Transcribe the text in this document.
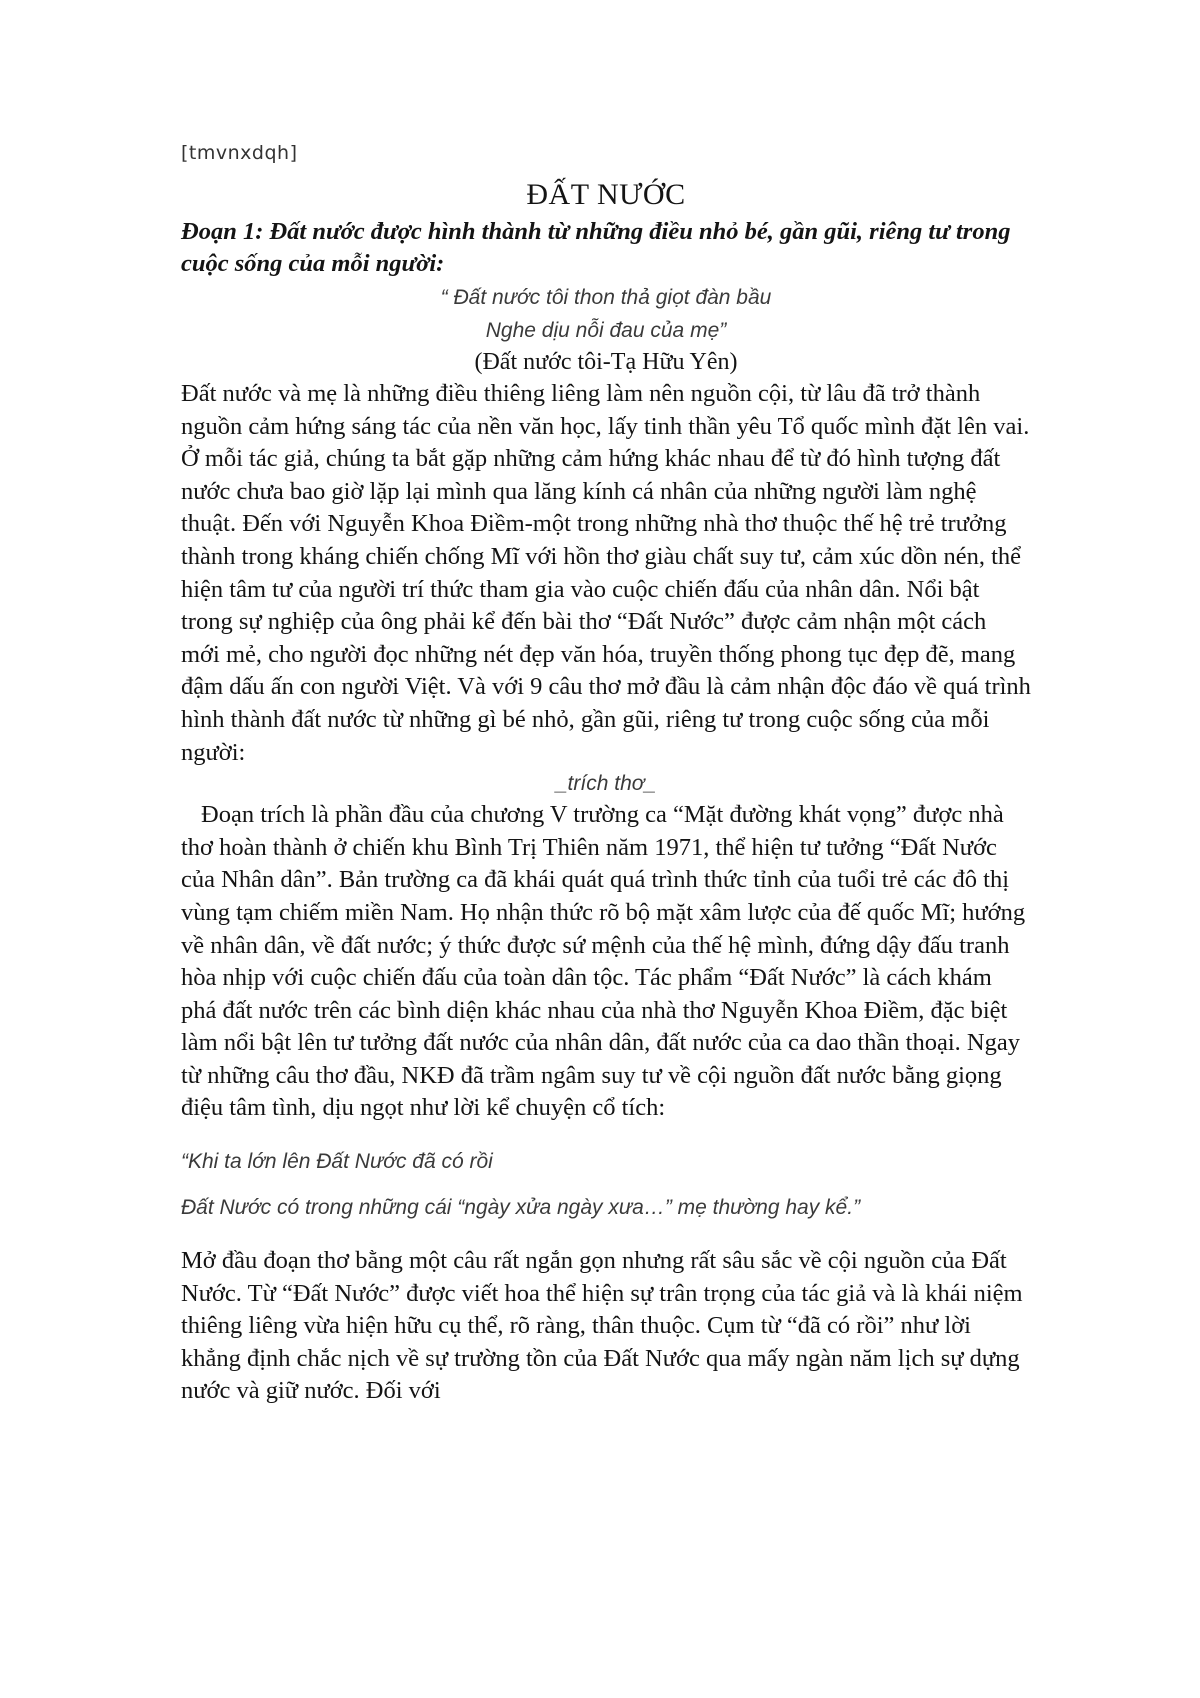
[tmvnxdqh]

ĐẤT NƯỚC

Đoạn 1: Đất nước được hình thành từ những điều nhỏ bé, gần gũi, riêng tư trong cuộc sống của mỗi người:

“ Đất nước tôi thon thả giọt đàn bầu

Nghe dịu nỗi đau của mẹ”

(Đất nước tôi-Tạ Hữu Yên)

Đất nước và mẹ là những điều thiêng liêng làm nên nguồn cội, từ lâu đã trở thành nguồn cảm hứng sáng tác của nền văn học, lấy tinh thần yêu Tổ quốc mình đặt lên vai. Ở mỗi tác giả, chúng ta bắt gặp những cảm hứng khác nhau để từ đó hình tượng đất nước chưa bao giờ lặp lại mình qua lăng kính cá nhân của những người làm nghệ thuật. Đến với Nguyễn Khoa Điềm-một trong những nhà thơ thuộc thế hệ trẻ trưởng thành trong kháng chiến chống Mĩ với hồn thơ giàu chất suy tư, cảm xúc dồn nén, thể hiện tâm tư của người trí thức tham gia vào cuộc chiến đấu của nhân dân. Nổi bật trong sự nghiệp của ông phải kể đến bài thơ “Đất Nước” được cảm nhận một cách mới mẻ, cho người đọc những nét đẹp văn hóa, truyền thống phong tục đẹp đẽ, mang đậm dấu ấn con người Việt. Và với 9 câu thơ mở đầu là cảm nhận độc đáo về quá trình hình thành đất nước từ những gì bé nhỏ, gần gũi, riêng tư trong cuộc sống của mỗi người:

_trích thơ_

Đoạn trích là phần đầu của chương V trường ca “Mặt đường khát vọng” được nhà thơ hoàn thành ở chiến khu Bình Trị Thiên năm 1971, thể hiện tư tưởng “Đất Nước của Nhân dân”. Bản trường ca đã khái quát quá trình thức tỉnh của tuổi trẻ các đô thị vùng tạm chiếm miền Nam. Họ nhận thức rõ bộ mặt xâm lược của đế quốc Mĩ; hướng về nhân dân, về đất nước; ý thức được sứ mệnh của thế hệ mình, đứng dậy đấu tranh hòa nhịp với cuộc chiến đấu của toàn dân tộc. Tác phẩm “Đất Nước” là cách khám phá đất nước trên các bình diện khác nhau của nhà thơ Nguyễn Khoa Điềm, đặc biệt làm nổi bật lên tư tưởng đất nước của nhân dân, đất nước của ca dao thần thoại. Ngay từ những câu thơ đầu, NKĐ đã trầm ngâm suy tư về cội nguồn đất nước bằng giọng điệu tâm tình, dịu ngọt như lời kể chuyện cổ tích:

“Khi ta lớn lên Đất Nước đã có rồi

Đất Nước có trong những cái “ngày xửa ngày xưa…” mẹ thường hay kể.”

Mở đầu đoạn thơ bằng một câu rất ngắn gọn nhưng rất sâu sắc về cội nguồn của Đất Nước. Từ “Đất Nước” được viết hoa thể hiện sự trân trọng của tác giả và là khái niệm thiêng liêng vừa hiện hữu cụ thể, rõ ràng, thân thuộc. Cụm từ “đã có rồi” như lời khẳng định chắc nịch về sự trường tồn của Đất Nước qua mấy ngàn năm lịch sự dựng nước và giữ nước. Đối với
